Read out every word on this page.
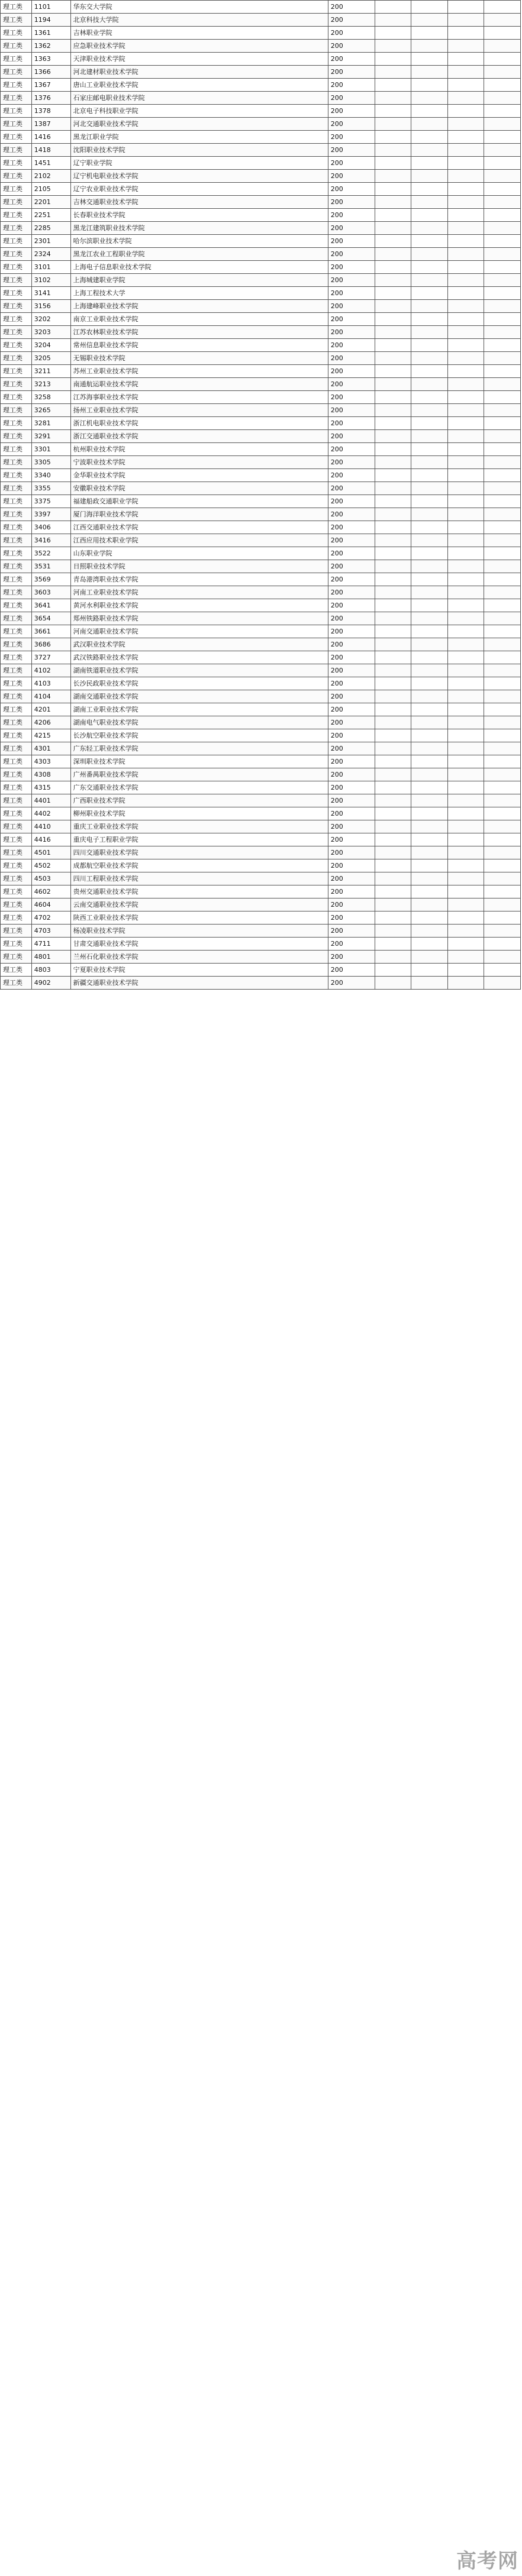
理工类	1101	华东交大学院	200				
理工类	1194	北京科技大学院	200				
理工类	1361	吉林职业学院	200				
理工类	1362	应急职业技术学院	200				
理工类	1363	天津职业技术学院	200				
理工类	1366	河北建材职业技术学院	200				
理工类	1367	唐山工业职业技术学院	200				
理工类	1376	石家庄邮电职业技术学院	200				
理工类	1378	北京电子科技职业学院	200				
理工类	1387	河北交通职业技术学院	200				
理工类	1416	黑龙江职业学院	200				
理工类	1418	沈阳职业技术学院	200				
理工类	1451	辽宁职业学院	200				
理工类	2102	辽宁机电职业技术学院	200				
理工类	2105	辽宁农业职业技术学院	200				
理工类	2201	吉林交通职业技术学院	200				
理工类	2251	长春职业技术学院	200				
理工类	2285	黑龙江建筑职业技术学院	200				
理工类	2301	哈尔滨职业技术学院	200				
理工类	2324	黑龙江农业工程职业学院	200				
理工类	3101	上海电子信息职业技术学院	200				
理工类	3102	上海城建职业学院	200				
理工类	3141	上海工程技术大学	200				
理工类	3156	上海建峰职业技术学院	200				
理工类	3202	南京工业职业技术学院	200				
理工类	3203	江苏农林职业技术学院	200				
理工类	3204	常州信息职业技术学院	200				
理工类	3205	无锡职业技术学院	200				
理工类	3211	苏州工业职业技术学院	200				
理工类	3213	南通航运职业技术学院	200				
理工类	3258	江苏海事职业技术学院	200				
理工类	3265	扬州工业职业技术学院	200				
理工类	3281	浙江机电职业技术学院	200				
理工类	3291	浙江交通职业技术学院	200				
理工类	3301	杭州职业技术学院	200				
理工类	3305	宁波职业技术学院	200				
理工类	3340	金华职业技术学院	200				
理工类	3355	安徽职业技术学院	200				
理工类	3375	福建船政交通职业学院	200				
理工类	3397	厦门海洋职业技术学院	200				
理工类	3406	江西交通职业技术学院	200				
理工类	3416	江西应用技术职业学院	200				
理工类	3522	山东职业学院	200				
理工类	3531	日照职业技术学院	200				
理工类	3569	青岛港湾职业技术学院	200				
理工类	3603	河南工业职业技术学院	200				
理工类	3641	黄河水利职业技术学院	200				
理工类	3654	郑州铁路职业技术学院	200				
理工类	3661	河南交通职业技术学院	200				
理工类	3686	武汉职业技术学院	200				
理工类	3727	武汉铁路职业技术学院	200				
理工类	4102	湖南铁道职业技术学院	200				
理工类	4103	长沙民政职业技术学院	200				
理工类	4104	湖南交通职业技术学院	200				
理工类	4201	湖南工业职业技术学院	200				
理工类	4206	湖南电气职业技术学院	200				
理工类	4215	长沙航空职业技术学院	200				
理工类	4301	广东轻工职业技术学院	200				
理工类	4303	深圳职业技术学院	200				
理工类	4308	广州番禺职业技术学院	200				
理工类	4315	广东交通职业技术学院	200				
理工类	4401	广西职业技术学院	200				
理工类	4402	柳州职业技术学院	200				
理工类	4410	重庆工业职业技术学院	200				
理工类	4416	重庆电子工程职业学院	200				
理工类	4501	四川交通职业技术学院	200				
理工类	4502	成都航空职业技术学院	200				
理工类	4503	四川工程职业技术学院	200				
理工类	4602	贵州交通职业技术学院	200				
理工类	4604	云南交通职业技术学院	200				
理工类	4702	陕西工业职业技术学院	200				
理工类	4703	杨凌职业技术学院	200				
理工类	4711	甘肃交通职业技术学院	200				
理工类	4801	兰州石化职业技术学院	200				
理工类	4803	宁夏职业技术学院	200				
理工类	4902	新疆交通职业技术学院	200				
高考网
